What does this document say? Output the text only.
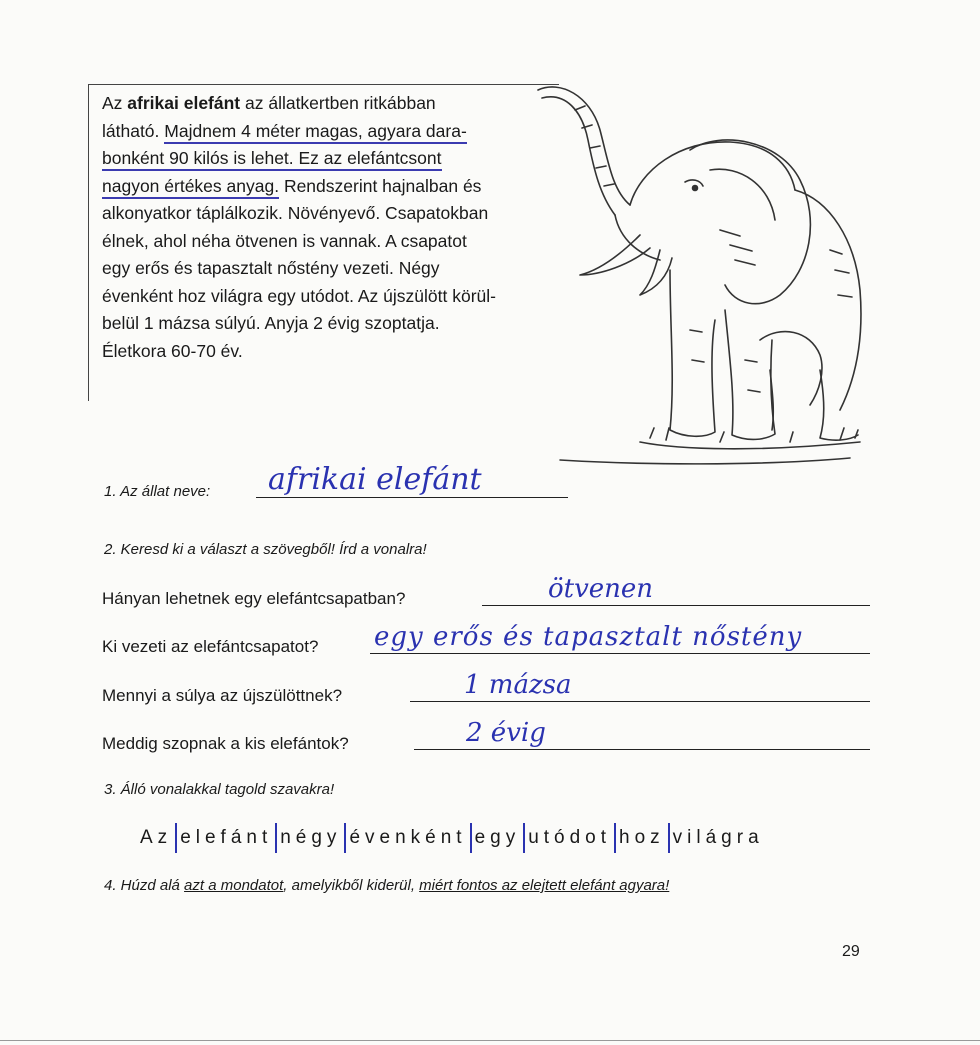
Az afrikai elefánt az állatkertben ritkábban
látható. Majdnem 4 méter magas, agyara dara-
bonként 90 kilós is lehet. Ez az elefántcsont
nagyon értékes anyag. Rendszerint hajnalban és
alkonyatkor táplálkozik. Növényevő. Csapatokban
élnek, ahol néha ötvenen is vannak. A csapatot
egy erős és tapasztalt nőstény vezeti. Négy
évenként hoz világra egy utódot. Az újszülött körül-
belül 1 mázsa súlyú. Anyja 2 évig szoptatja.
Életkora 60-70 év.
1. Az állat neve: afrikai elefánt
2. Keresd ki a választ a szövegből! Írd a vonalra!
Hányan lehetnek egy elefántcsapatban?	ötvenen
Ki vezeti az elefántcsapatot? egy erős és tapasztalt nőstény
Mennyi a súlya az újszülöttnek?	1 mázsa
Meddig szopnak a kis elefántok?	2 évig
3. Álló vonalakkal tagold szavakra!
Az elefánt négy évenként egy utódot hoz világra
4. Húzd alá azt a mondatot, amelyikből kiderül, miért fontos az elejtett elefánt agyara!
29
